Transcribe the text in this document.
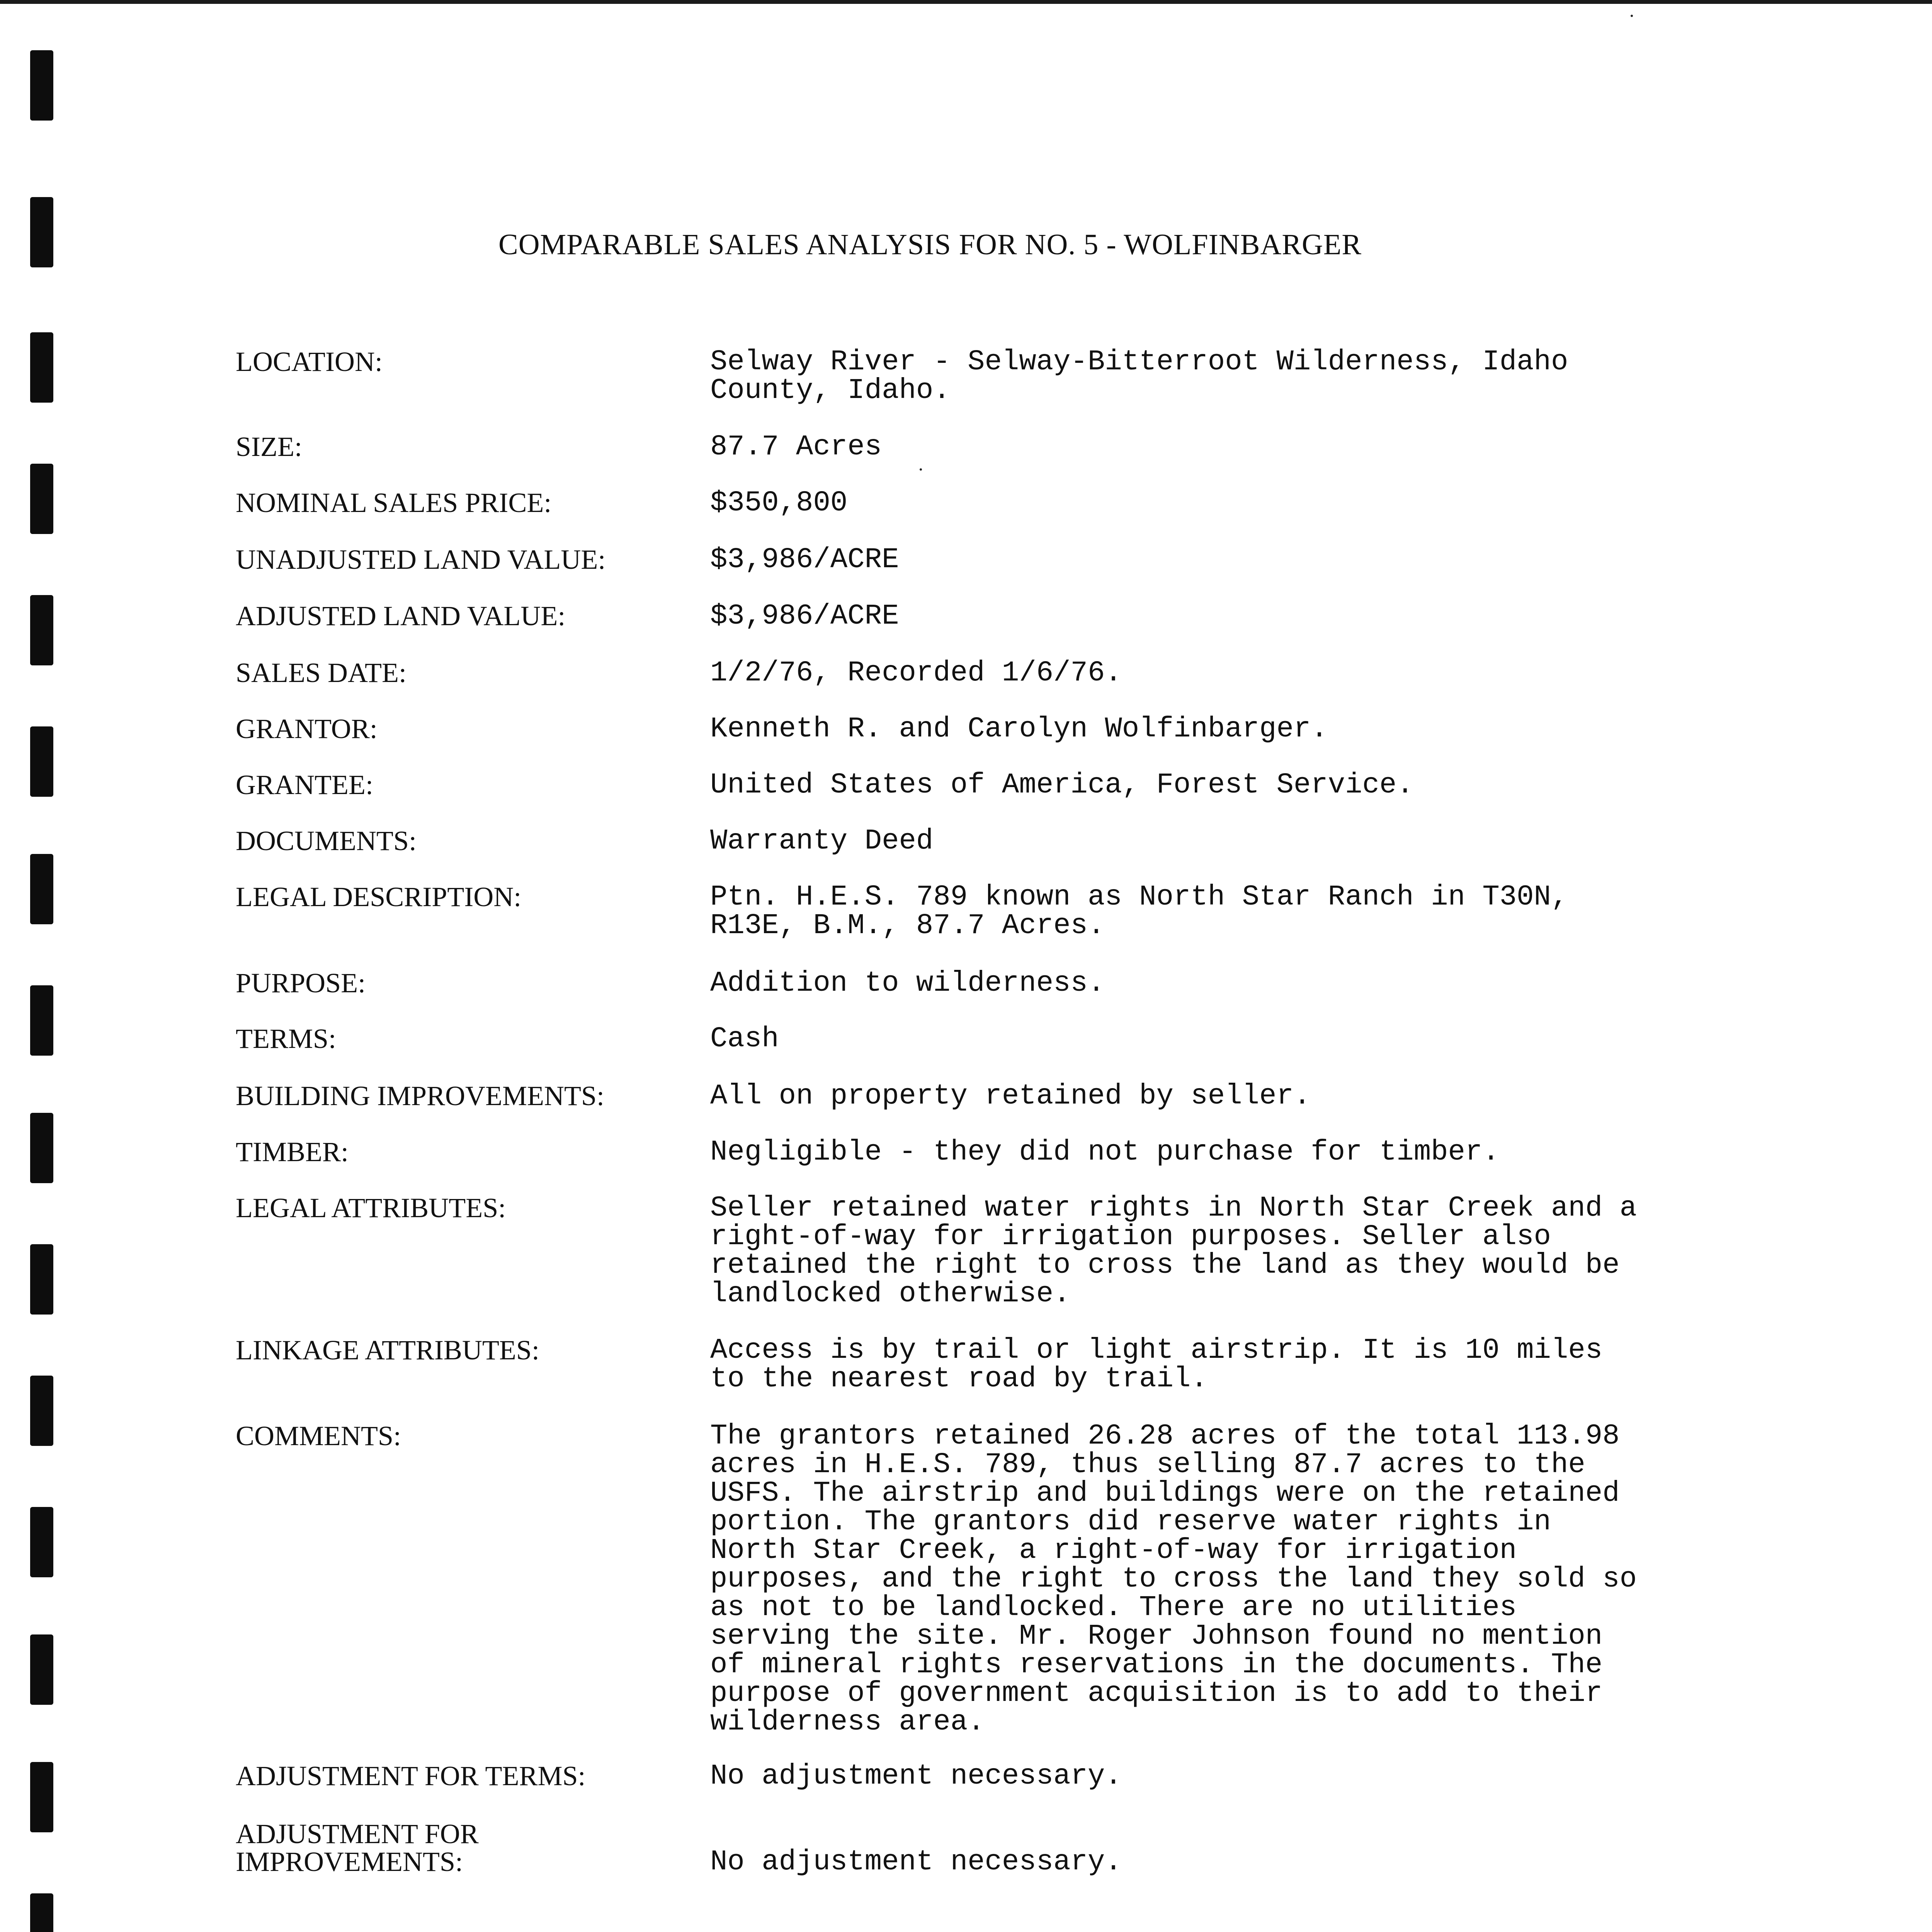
COMPARABLE SALES ANALYSIS FOR NO. 5 - WOLFINBARGER
LOCATION:	Selway River - Selway-Bitterroot Wilderness, Idaho
County, Idaho.
SIZE:	87.7 Acres
NOMINAL SALES PRICE:	$350,800
UNADJUSTED LAND VALUE:	$3,986/ACRE
ADJUSTED LAND VALUE:	$3,986/ACRE
SALES DATE:	1/2/76, Recorded 1/6/76.
GRANTOR:	Kenneth R. and Carolyn Wolfinbarger.
GRANTEE:	United States of America, Forest Service.
DOCUMENTS:	Warranty Deed
LEGAL DESCRIPTION:	Ptn. H.E.S. 789 known as North Star Ranch in T30N,
R13E, B.M., 87.7 Acres.
PURPOSE:	Addition to wilderness.
TERMS:	Cash
BUILDING IMPROVEMENTS:	All on property retained by seller.
TIMBER:	Negligible - they did not purchase for timber.
LEGAL ATTRIBUTES:	Seller retained water rights in North Star Creek and a
right-of-way for irrigation purposes. Seller also
retained the right to cross the land as they would be
landlocked otherwise.
LINKAGE ATTRIBUTES:	Access is by trail or light airstrip. It is 10 miles
to the nearest road by trail.
COMMENTS:	The grantors retained 26.28 acres of the total 113.98
acres in H.E.S. 789, thus selling 87.7 acres to the
USFS. The airstrip and buildings were on the retained
portion. The grantors did reserve water rights in
North Star Creek, a right-of-way for irrigation
purposes, and the right to cross the land they sold so
as not to be landlocked. There are no utilities
serving the site. Mr. Roger Johnson found no mention
of mineral rights reservations in the documents. The
purpose of government acquisition is to add to their
wilderness area.
ADJUSTMENT FOR TERMS:	No adjustment necessary.
ADJUSTMENT FOR
IMPROVEMENTS:	No adjustment necessary.
